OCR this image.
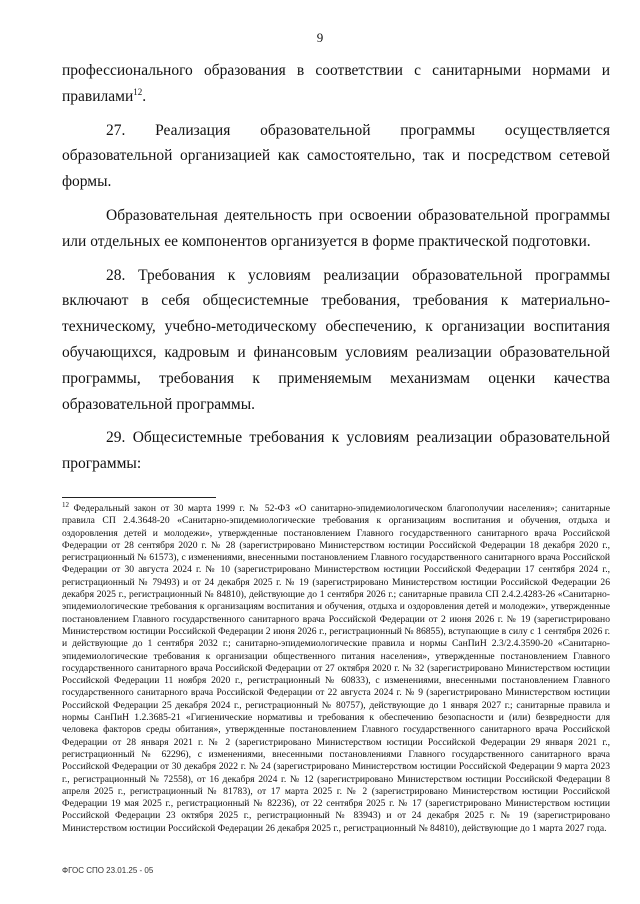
9

профессионального образования в соответствии с санитарными нормами и правилами$^{12}$.

27. Реализация образовательной программы осуществляется образовательной организацией как самостоятельно, так и посредством сетевой формы.

Образовательная деятельность при освоении образовательной программы или отдельных ее компонентов организуется в форме практической подготовки.

28. Требования к условиям реализации образовательной программы включают в себя общесистемные требования, требования к материально-техническому, учебно-методическому обеспечению, к организации воспитания обучающихся, кадровым и финансовым условиям реализации образовательной программы, требования к применяемым механизмам оценки качества образовательной программы.

29. Общесистемные требования к условиям реализации образовательной программы:

$^{12}$ Федеральный закон от 30 марта 1999 г. № 52-ФЗ «О санитарно-эпидемиологическом благополучии населения»; санитарные правила СП 2.4.3648-20 «Санитарно-эпидемиологические требования к организациям воспитания и обучения, отдыха и оздоровления детей и молодежи», утвержденные постановлением Главного государственного санитарного врача Российской Федерации от 28 сентября 2020 г. № 28 (зарегистрировано Министерством юстиции Российской Федерации 18 декабря 2020 г., регистрационный № 61573), с изменениями, внесенными постановлением Главного государственного санитарного врача Российской Федерации от 30 августа 2024 г. № 10 (зарегистрировано Министерством юстиции Российской Федерации 17 сентября 2024 г., регистрационный № 79493) и от 24 декабря 2025 г. № 19 (зарегистрировано Министерством юстиции Российской Федерации 26 декабря 2025 г., регистрационный № 84810), действующие до 1 сентября 2026 г.; санитарные правила СП 2.4.2.4283-26 «Санитарно-эпидемиологические требования к организациям воспитания и обучения, отдыха и оздоровления детей и молодежи», утвержденные постановлением Главного государственного санитарного врача Российской Федерации от 2 июня 2026 г. № 19 (зарегистрировано Министерством юстиции Российской Федерации 2 июня 2026 г., регистрационный № 86855), вступающие в силу с 1 сентября 2026 г. и действующие до 1 сентября 2032 г.; санитарно-эпидемиологические правила и нормы СанПиН 2.3/2.4.3590-20 «Санитарно-эпидемиологические требования к организации общественного питания населения», утвержденные постановлением Главного государственного санитарного врача Российской Федерации от 27 октября 2020 г. № 32 (зарегистрировано Министерством юстиции Российской Федерации 11 ноября 2020 г., регистрационный № 60833), с изменениями, внесенными постановлением Главного государственного санитарного врача Российской Федерации от 22 августа 2024 г. № 9 (зарегистрировано Министерством юстиции Российской Федерации 25 декабря 2024 г., регистрационный № 80757), действующие до 1 января 2027 г.; санитарные правила и нормы СанПиН 1.2.3685-21 «Гигиенические нормативы и требования к обеспечению безопасности и (или) безвредности для человека факторов среды обитания», утвержденные постановлением Главного государственного санитарного врача Российской Федерации от 28 января 2021 г. № 2 (зарегистрировано Министерством юстиции Российской Федерации 29 января 2021 г., регистрационный № 62296), с изменениями, внесенными постановлениями Главного государственного санитарного врача Российской Федерации от 30 декабря 2022 г. № 24 (зарегистрировано Министерством юстиции Российской Федерации 9 марта 2023 г., регистрационный № 72558), от 16 декабря 2024 г. № 12 (зарегистрировано Министерством юстиции Российской Федерации 8 апреля 2025 г., регистрационный № 81783), от 17 марта 2025 г. № 2 (зарегистрировано Министерством юстиции Российской Федерации 19 мая 2025 г., регистрационный № 82236), от 22 сентября 2025 г. № 17 (зарегистрировано Министерством юстиции Российской Федерации 23 октября 2025 г., регистрационный № 83943) и от 24 декабря 2025 г. № 19 (зарегистрировано Министерством юстиции Российской Федерации 26 декабря 2025 г., регистрационный № 84810), действующие до 1 марта 2027 года.
ФГОС СПО 23.01.25 - 05
